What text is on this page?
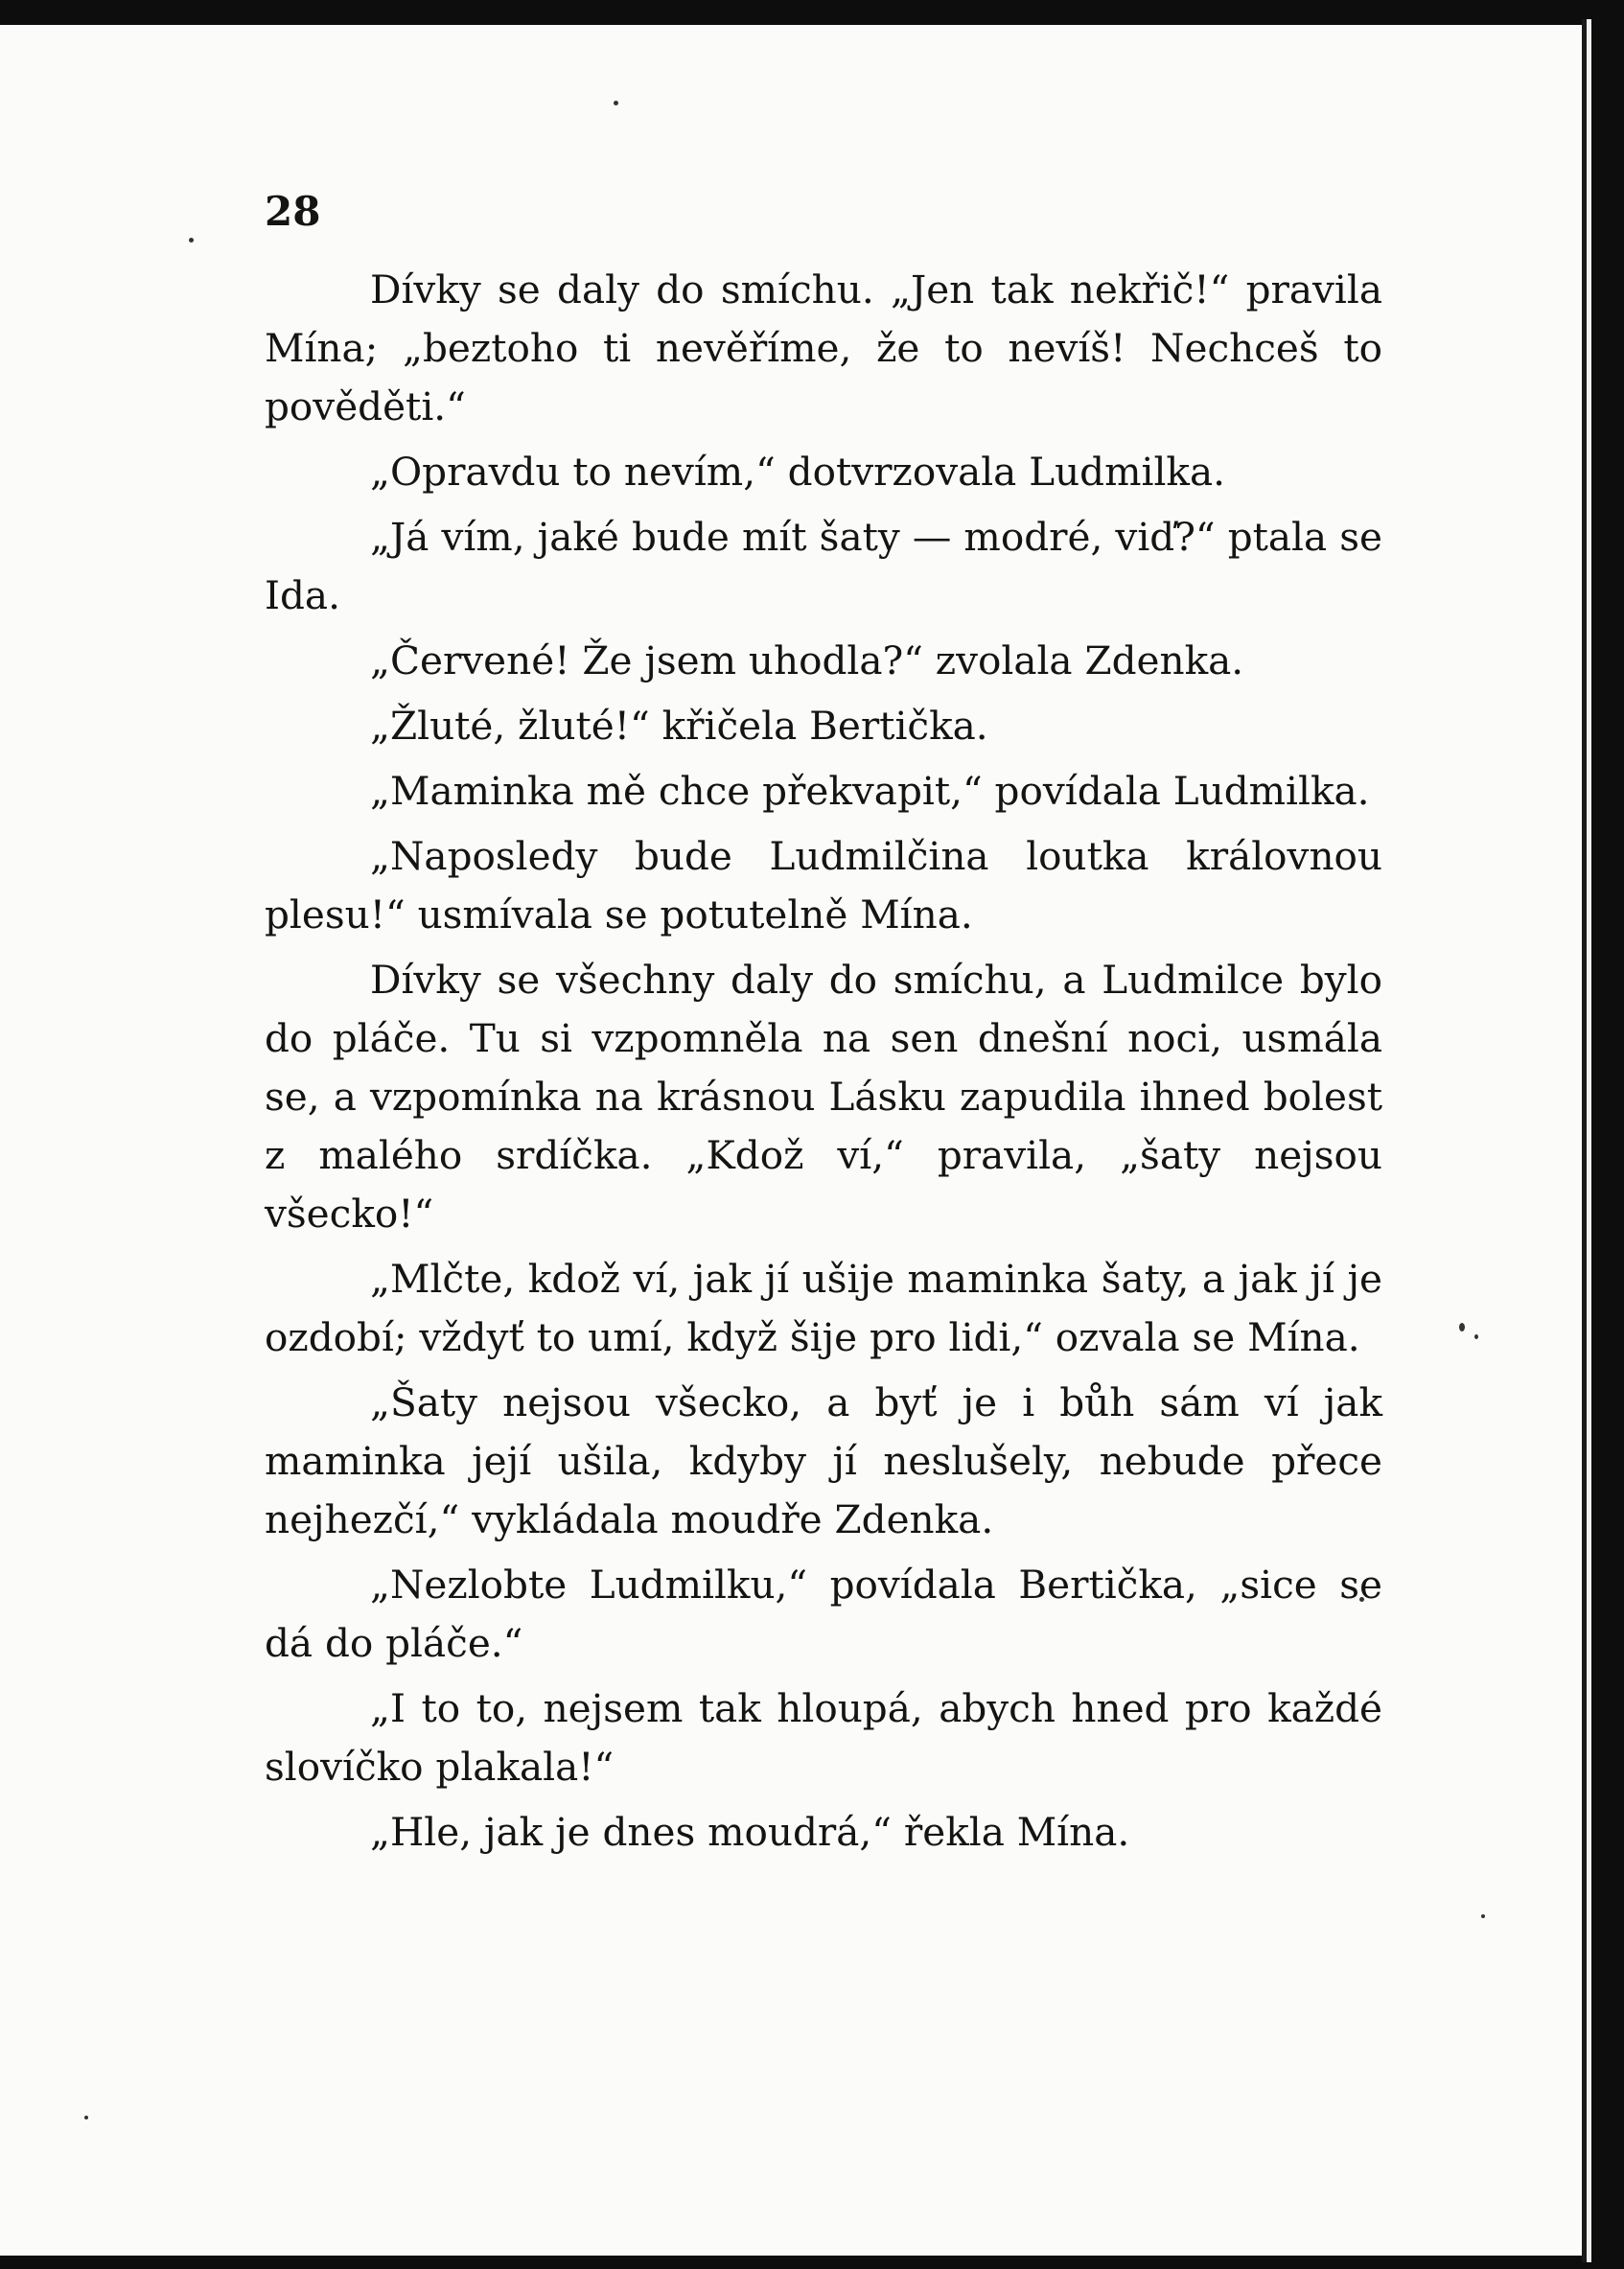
28

Dívky se daly do smíchu. „Jen tak nekřič!“ pravila Mína; „beztoho ti nevěříme, že to nevíš! Nechceš to pověděti.“

„Opravdu to nevím,“ dotvrzovala Ludmilka.

„Já vím, jaké bude mít šaty — modré, viď?“ ptala se Ida.

„Červené! Že jsem uhodla?“ zvolala Zdenka.

„Žluté, žluté!“ křičela Bertička.

„Maminka mě chce překvapit,“ povídala Ludmilka.

„Naposledy bude Ludmilčina loutka královnou plesu!“ usmívala se potutelně Mína.

Dívky se všechny daly do smíchu, a Ludmilce bylo do pláče. Tu si vzpomněla na sen dnešní noci, usmála se, a vzpomínka na krásnou Lásku zapudila ihned bolest z malého srdíčka. „Kdož ví,“ pravila, „šaty nejsou všecko!“

„Mlčte, kdož ví, jak jí ušije maminka šaty, a jak jí je ozdobí; vždyť to umí, když šije pro lidi,“ ozvala se Mína.

„Šaty nejsou všecko, a byť je i bůh sám ví jak maminka její ušila, kdyby jí neslušely, nebude přece nejhezčí,“ vykládala moudře Zdenka.

„Nezlobte Ludmilku,“ povídala Bertička, „sice se dá do pláče.“

„I to to, nejsem tak hloupá, abych hned pro každé slovíčko plakala!“

„Hle, jak je dnes moudrá,“ řekla Mína.
